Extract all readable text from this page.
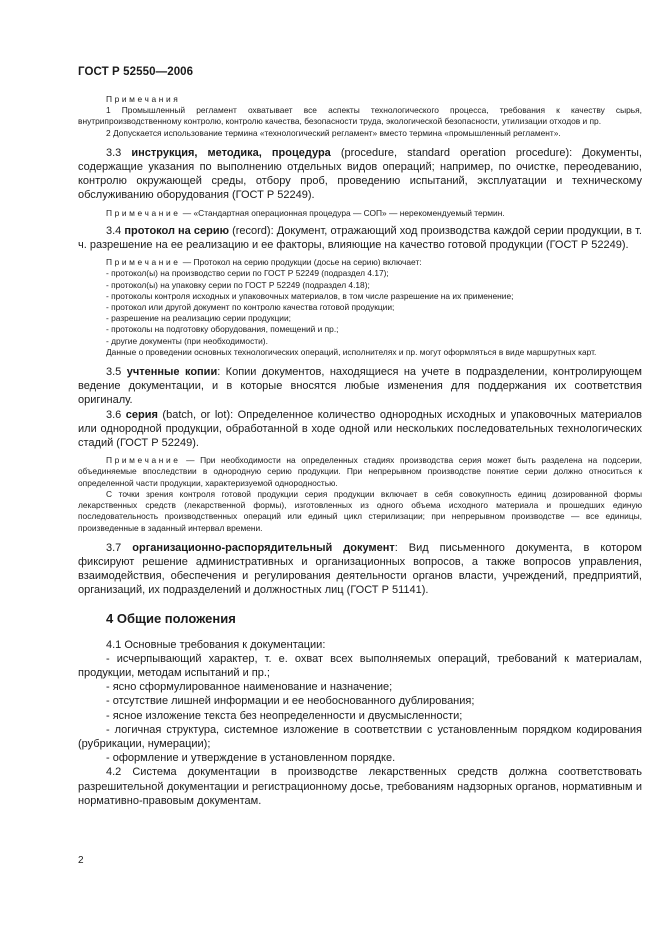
ГОСТ Р 52550—2006

Примечания

1 Промышленный регламент охватывает все аспекты технологического процесса, требования к качеству сырья, внутрипроизводственному контролю, контролю качества, безопасности труда, экологической безопасности, утилизации отходов и пр.

2 Допускается использование термина «технологический регламент» вместо термина «промышленный регламент».

3.3 инструкция, методика, процедура (procedure, standard operation procedure): Документы, содержащие указания по выполнению отдельных видов операций; например, по очистке, переодеванию, контролю окружающей среды, отбору проб, проведению испытаний, эксплуатации и техническому обслуживанию оборудования (ГОСТ Р 52249).

Примечание — «Стандартная операционная процедура — СОП» — нерекомендуемый термин.

3.4 протокол на серию (record): Документ, отражающий ход производства каждой серии продукции, в т. ч. разрешение на ее реализацию и ее факторы, влияющие на качество готовой продукции (ГОСТ Р 52249).

Примечание — Протокол на серию продукции (досье на серию) включает:

- протокол(ы) на производство серии по ГОСТ Р 52249 (подраздел 4.17);

- протокол(ы) на упаковку серии по ГОСТ Р 52249 (подраздел 4.18);

- протоколы контроля исходных и упаковочных материалов, в том числе разрешение на их применение;

- протокол или другой документ по контролю качества готовой продукции;

- разрешение на реализацию серии продукции;

- протоколы на подготовку оборудования, помещений и пр.;

- другие документы (при необходимости).

Данные о проведении основных технологических операций, исполнителях и пр. могут оформляться в виде маршрутных карт.

3.5 учтенные копии: Копии документов, находящиеся на учете в подразделении, контролирующем ведение документации, и в которые вносятся любые изменения для поддержания их соответствия оригиналу.

3.6 серия (batch, or lot): Определенное количество однородных исходных и упаковочных материалов или однородной продукции, обработанной в ходе одной или нескольких последовательных технологических стадий (ГОСТ Р 52249).

Примечание — При необходимости на определенных стадиях производства серия может быть разделена на подсерии, объединяемые впоследствии в однородную серию продукции. При непрерывном производстве понятие серии должно относиться к определенной части продукции, характеризуемой однородностью.

С точки зрения контроля готовой продукции серия продукции включает в себя совокупность единиц дозированной формы лекарственных средств (лекарственной формы), изготовленных из одного объема исходного материала и прошедших единую последовательность производственных операций или единый цикл стерилизации; при непрерывном производстве — все единицы, произведенные в заданный интервал времени.

3.7 организационно-распорядительный документ: Вид письменного документа, в котором фиксируют решение административных и организационных вопросов, а также вопросов управления, взаимодействия, обеспечения и регулирования деятельности органов власти, учреждений, предприятий, организаций, их подразделений и должностных лиц (ГОСТ Р 51141).

4 Общие положения

4.1 Основные требования к документации:

- исчерпывающий характер, т. е. охват всех выполняемых операций, требований к материалам, продукции, методам испытаний и пр.;

- ясно сформулированное наименование и назначение;

- отсутствие лишней информации и ее необоснованного дублирования;

- ясное изложение текста без неопределенности и двусмысленности;

- логичная структура, системное изложение в соответствии с установленным порядком кодирования (рубрикации, нумерации);

- оформление и утверждение в установленном порядке.

4.2 Система документации в производстве лекарственных средств должна соответствовать разрешительной документации и регистрационному досье, требованиям надзорных органов, нормативным и нормативно-правовым документам.

2
